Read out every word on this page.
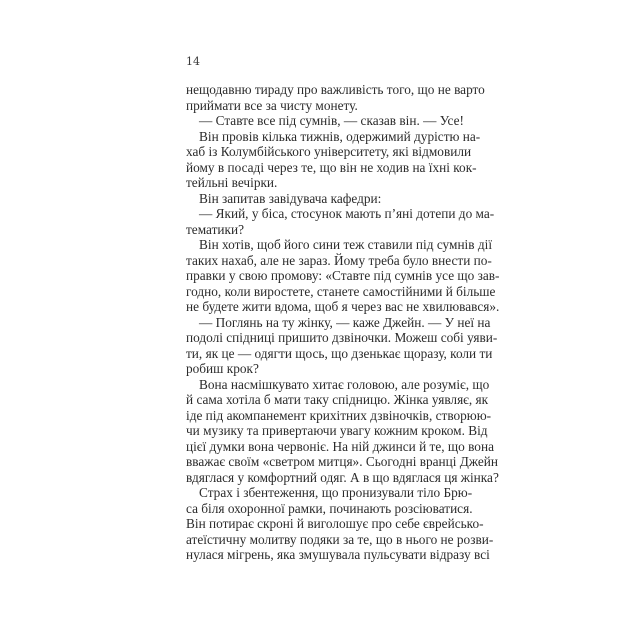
14
нещодавню тираду про важливість того, що не варто
приймати все за чисту монету.
— Ставте все під сумнів, — сказав він. — Усе!
Він провів кілька тижнів, одержимий дурістю на-
хаб із Колумбійського університету, які відмовили
йому в посаді через те, що він не ходив на їхні кок-
тейльні вечірки.
Він запитав завідувача кафедри:
— Який, у біса, стосунок мають п’яні дотепи до ма-
тематики?
Він хотів, щоб його сини теж ставили під сумнів дії
таких нахаб, але не зараз. Йому треба було внести по-
правки у свою промову: «Ставте під сумнів усе що зав-
годно, коли виростете, станете самостійними й більше
не будете жити вдома, щоб я через вас не хвилювався».
— Поглянь на ту жінку, — каже Джейн. — У неї на
подолі спідниці пришито дзвіночки. Можеш собі уяви-
ти, як це — одягти щось, що дзенькає щоразу, коли ти
робиш крок?
Вона насмішкувато хитає головою, але розуміє, що
й сама хотіла б мати таку спідницю. Жінка уявляє, як
іде під акомпанемент крихітних дзвіночків, створюю-
чи музику та привертаючи увагу кожним кроком. Від
цієї думки вона червоніє. На ній джинси й те, що вона
вважає своїм «светром митця». Сьогодні вранці Джейн
вдяглася у комфортний одяг. А в що вдяглася ця жінка?
Страх і збентеження, що пронизували тіло Брю-
са біля охоронної рамки, починають розсіюватися.
Він потирає скроні й виголошує про себе єврейсько-
атеїстичну молитву подяки за те, що в нього не розви-
нулася мігрень, яка змушувала пульсувати відразу всі
